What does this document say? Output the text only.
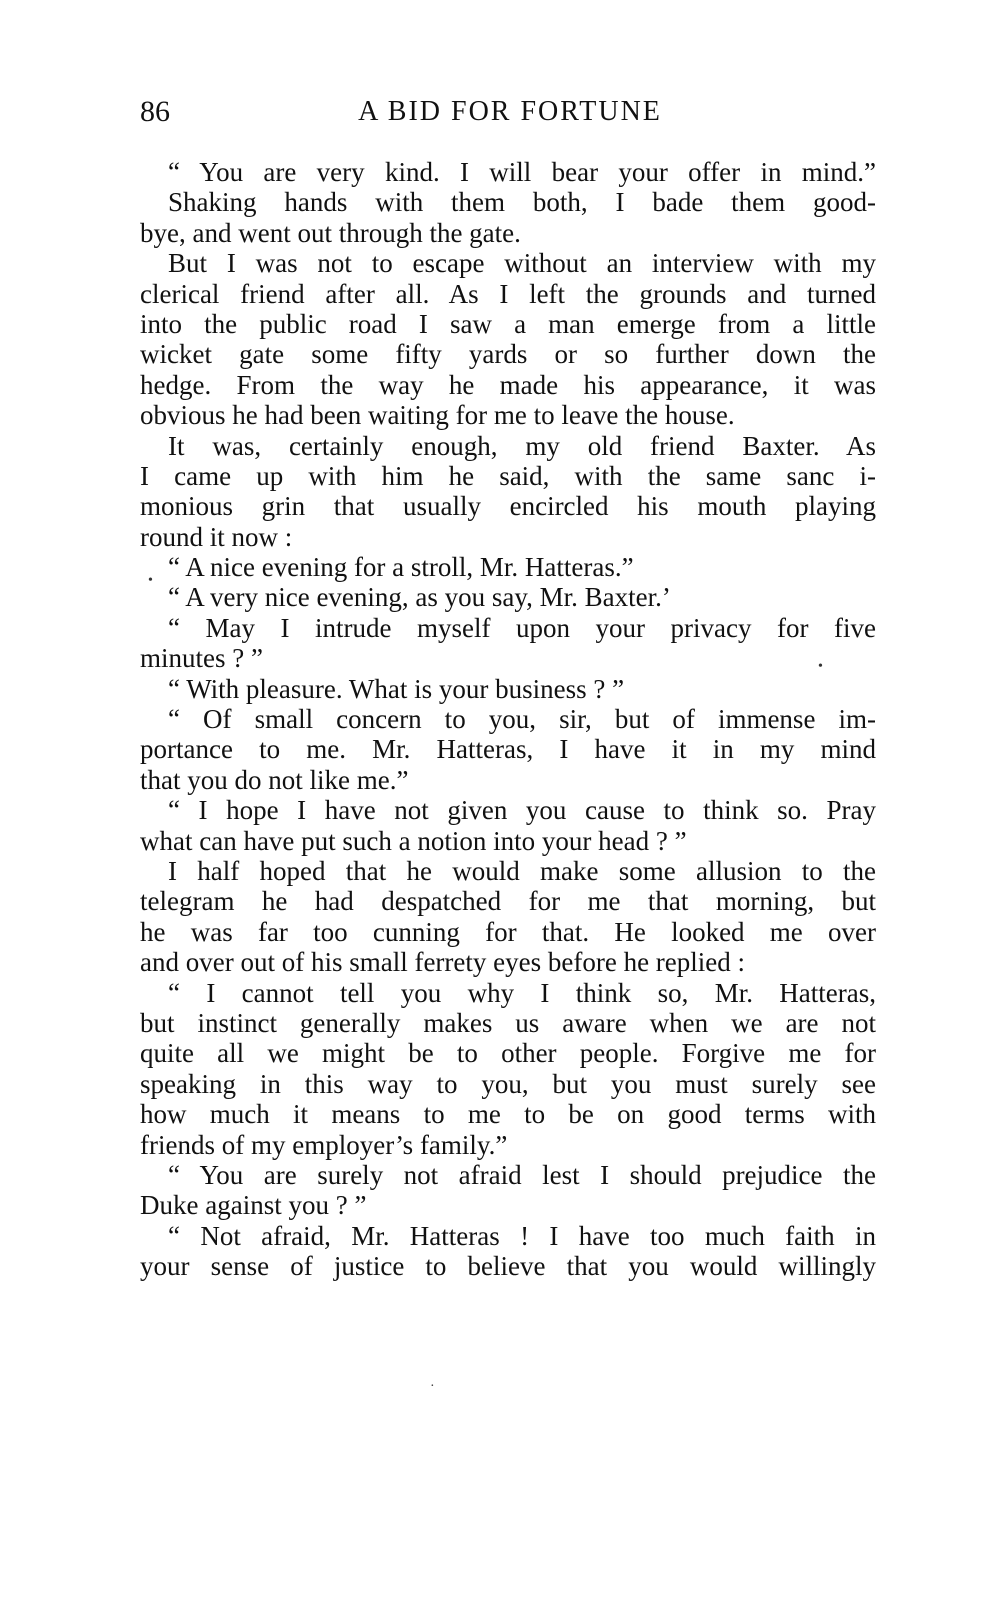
86	A BID FOR FORTUNE
“ You are very kind. I will bear your offer in mind.”
Shaking hands with them both, I bade them good-
bye, and went out through the gate.
But I was not to escape without an interview with my
clerical friend after all. As I left the grounds and turned
into the public road I saw a man emerge from a little
wicket gate some fifty yards or so further down the
hedge. From the way he made his appearance, it was
obvious he had been waiting for me to leave the house.
It was, certainly enough, my old friend Baxter. As
I came up with him he said, with the same sanc i-
monious grin that usually encircled his mouth playing
round it now :
“ A nice evening for a stroll, Mr. Hatteras.”
“ A very nice evening, as you say, Mr. Baxter.’
“ May I intrude myself upon your privacy for five
minutes ? ”
“ With pleasure. What is your business ? ”
“ Of small concern to you, sir, but of immense im-
portance to me. Mr. Hatteras, I have it in my mind
that you do not like me.”
“ I hope I have not given you cause to think so. Pray
what can have put such a notion into your head ? ”
I half hoped that he would make some allusion to the
telegram he had despatched for me that morning, but
he was far too cunning for that. He looked me over
and over out of his small ferrety eyes before he replied :
“ I cannot tell you why I think so, Mr. Hatteras,
but instinct generally makes us aware when we are not
quite all we might be to other people. Forgive me for
speaking in this way to you, but you must surely see
how much it means to me to be on good terms with
friends of my employer’s family.”
“ You are surely not afraid lest I should prejudice the
Duke against you ? ”
“ Not afraid, Mr. Hatteras ! I have too much faith in
your sense of justice to believe that you would willingly
•
•
·
